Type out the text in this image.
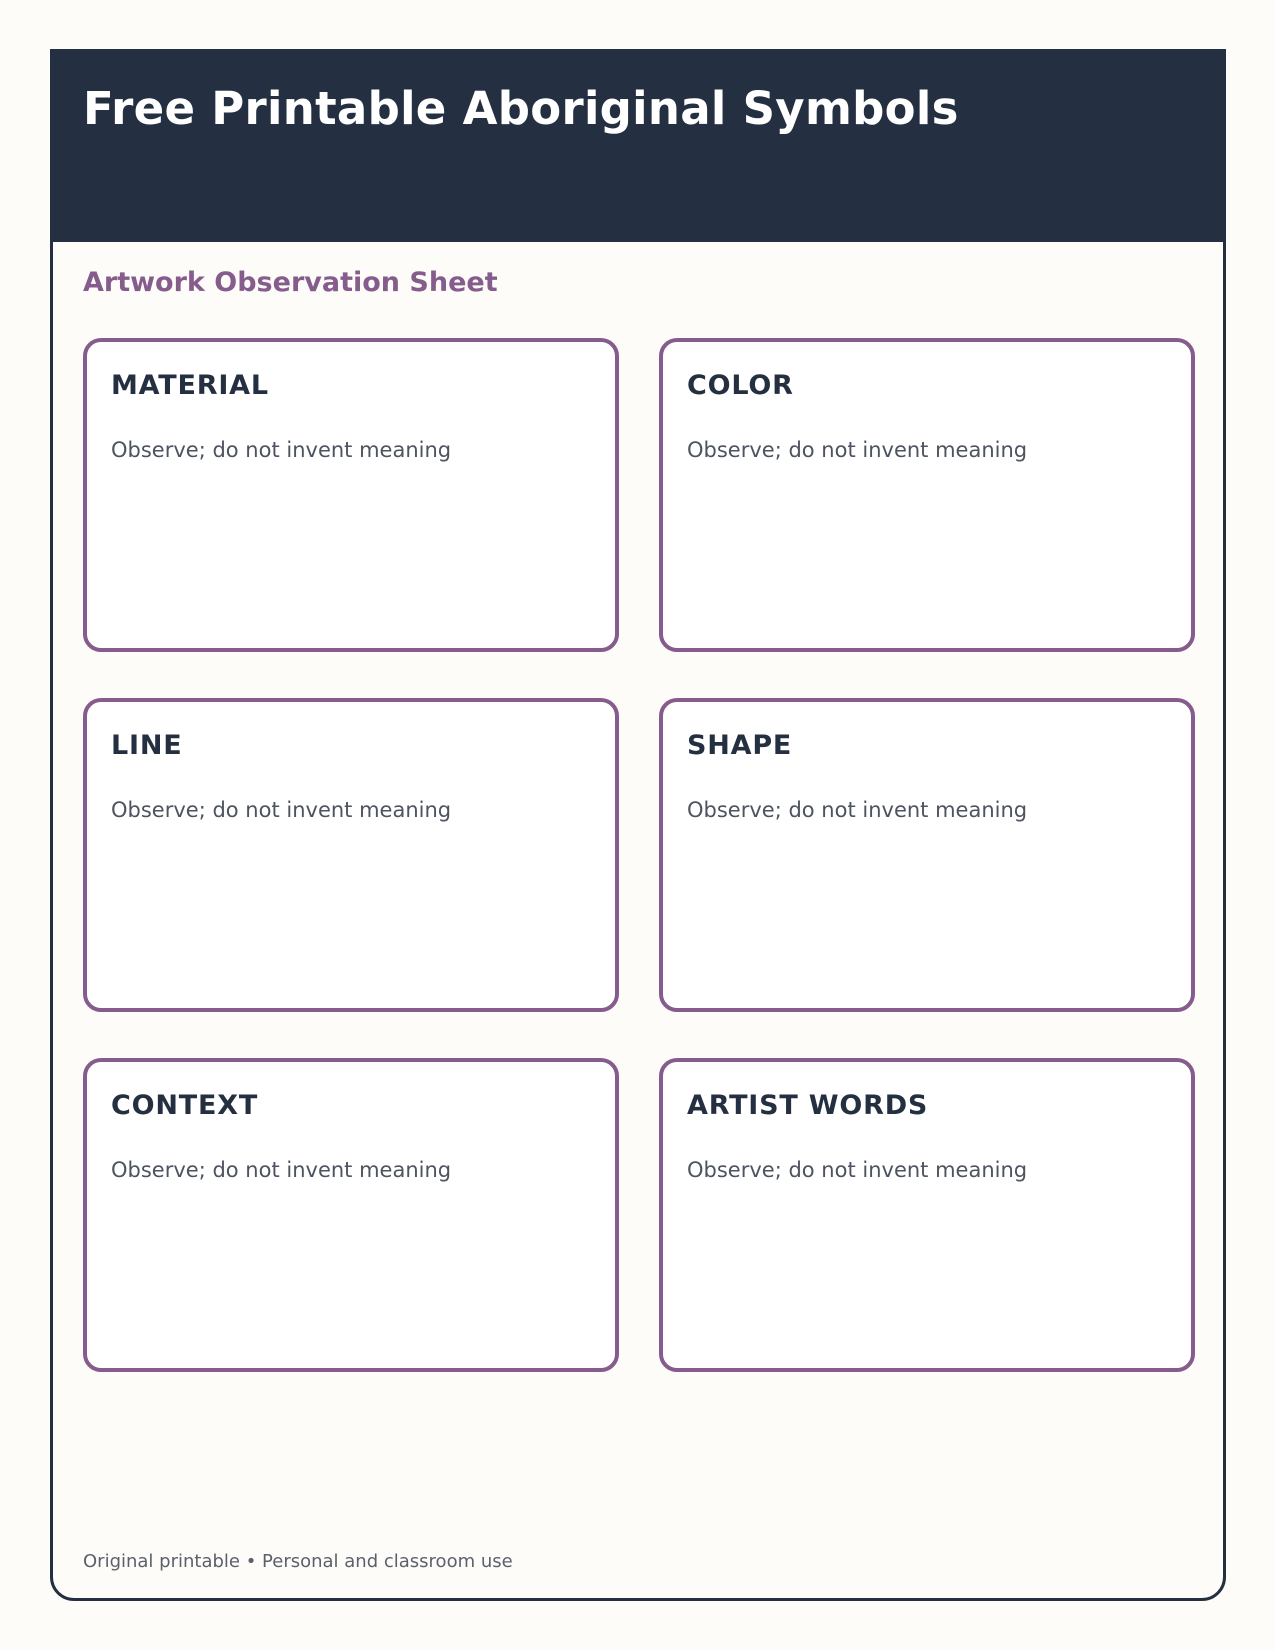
Free Printable Aboriginal Symbols
Artwork Observation Sheet
MATERIAL
Observe; do not invent meaning
COLOR
Observe; do not invent meaning
LINE
Observe; do not invent meaning
SHAPE
Observe; do not invent meaning
CONTEXT
Observe; do not invent meaning
ARTIST WORDS
Observe; do not invent meaning
Original printable • Personal and classroom use
